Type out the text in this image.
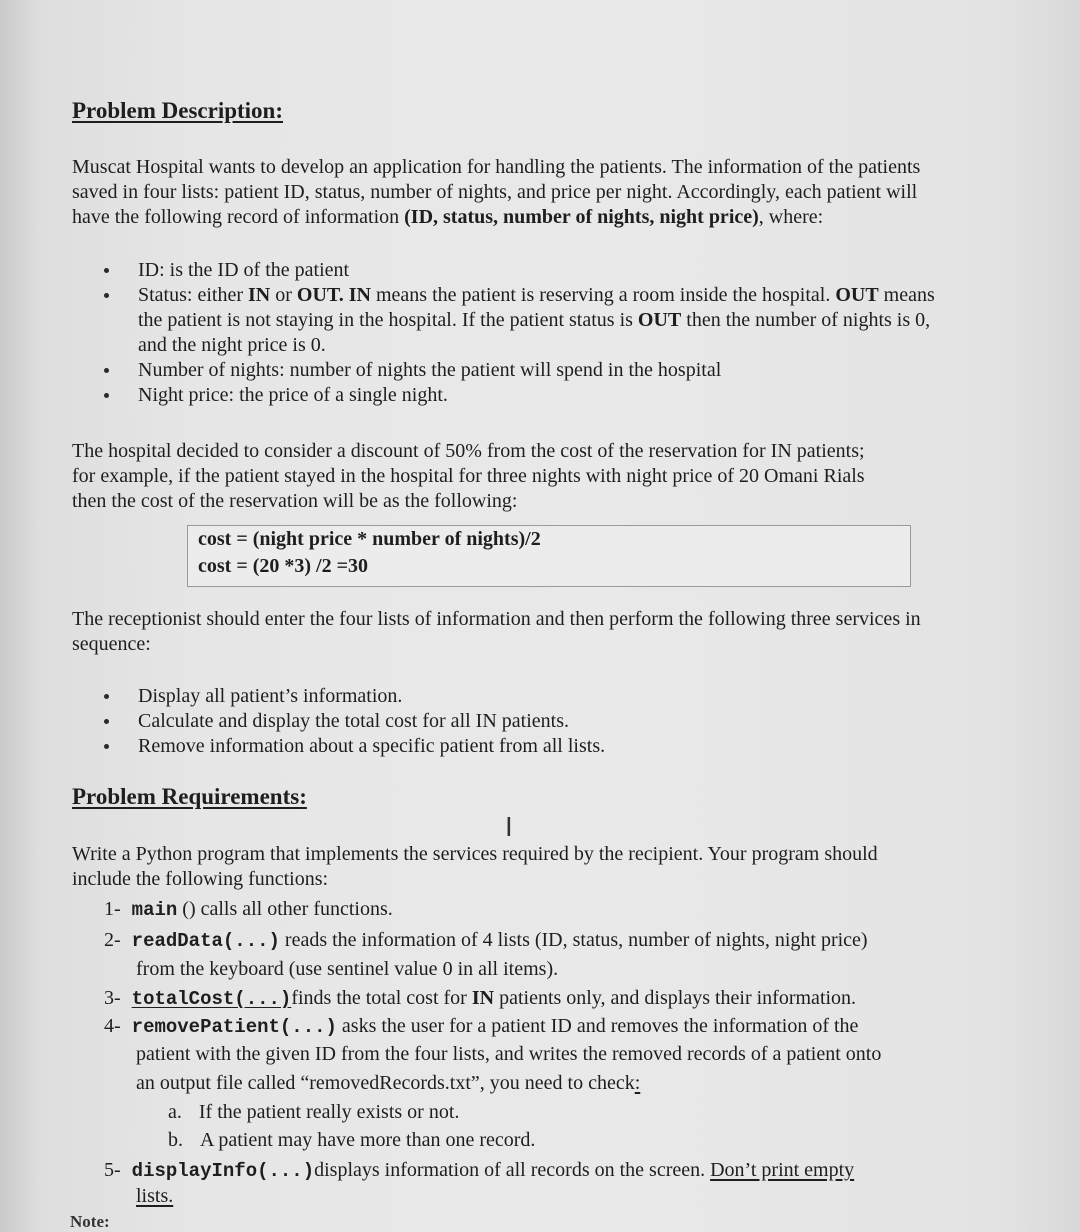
Problem Description:
Muscat Hospital wants to develop an application for handling the patients. The information of the patients
saved in four lists: patient ID, status, number of nights, and price per night. Accordingly, each patient will
have the following record of information (ID, status, number of nights, night price), where:
ID: is the ID of the patient
Status: either IN or OUT. IN means the patient is reserving a room inside the hospital. OUT means
the patient is not staying in the hospital. If the patient status is OUT then the number of nights is 0,
and the night price is 0.
Number of nights: number of nights the patient will spend in the hospital
Night price: the price of a single night.
The hospital decided to consider a discount of 50% from the cost of the reservation for IN patients;
for example, if the patient stayed in the hospital for three nights with night price of 20 Omani Rials
then the cost of the reservation will be as the following:
cost = (night price * number of nights)/2
cost = (20 *3) /2 =30
The receptionist should enter the four lists of information and then perform the following three services in
sequence:
Display all patient’s information.
Calculate and display the total cost for all IN patients.
Remove information about a specific patient from all lists.
Problem Requirements:
I
Write a Python program that implements the services required by the recipient. Your program should
include the following functions:
1- main () calls all other functions.
2- readData(...) reads the information of 4 lists (ID, status, number of nights, night price)
from the keyboard (use sentinel value 0 in all items).
3- totalCost(...)finds the total cost for IN patients only, and displays their information.
4- removePatient(...) asks the user for a patient ID and removes the information of the
patient with the given ID from the four lists, and writes the removed records of a patient onto
an output file called “removedRecords.txt”, you need to check:
a. If the patient really exists or not.
b. A patient may have more than one record.
5- displayInfo(...)displays information of all records on the screen. Don’t print empty
lists.
Note:
